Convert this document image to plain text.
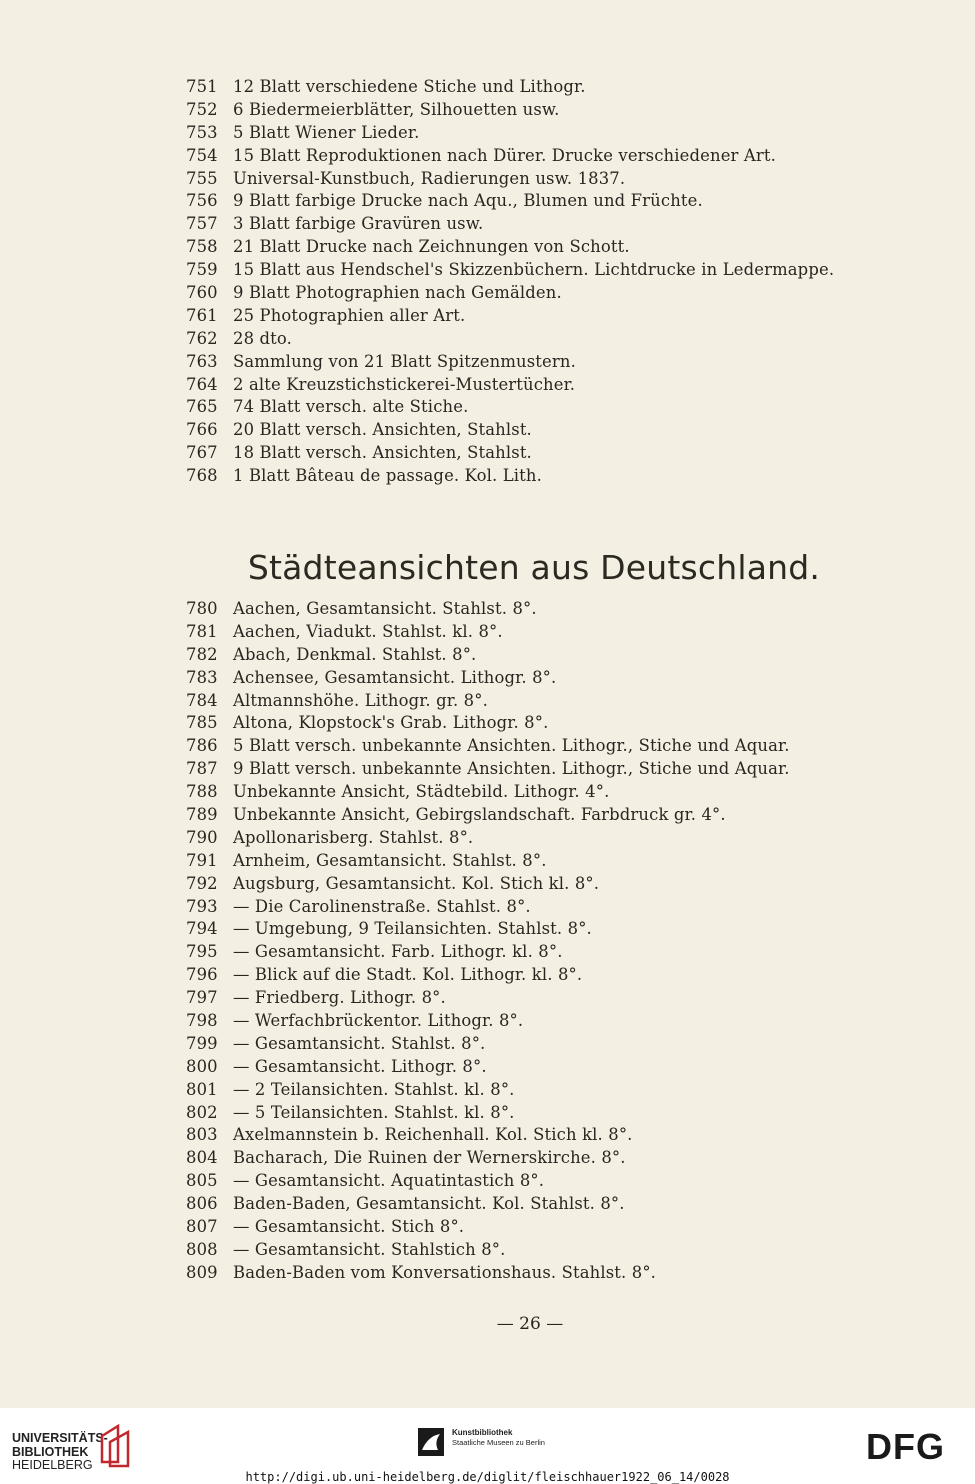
751 12 Blatt verschiedene Stiche und Lithogr.
752 6 Biedermeierblätter, Silhouetten usw.
753 5 Blatt Wiener Lieder.
754 15 Blatt Reproduktionen nach Dürer. Drucke verschiedener Art.
755 Universal-Kunstbuch, Radierungen usw. 1837.
756 9 Blatt farbige Drucke nach Aqu., Blumen und Früchte.
757 3 Blatt farbige Gravüren usw.
758 21 Blatt Drucke nach Zeichnungen von Schott.
759 15 Blatt aus Hendschel's Skizzenbüchern. Lichtdrucke in Ledermappe.
760 9 Blatt Photographien nach Gemälden.
761 25 Photographien aller Art.
762 28 dto.
763 Sammlung von 21 Blatt Spitzenmustern.
764 2 alte Kreuzstichstickerei-Mustertücher.
765 74 Blatt versch. alte Stiche.
766 20 Blatt versch. Ansichten, Stahlst.
767 18 Blatt versch. Ansichten, Stahlst.
768 1 Blatt Bâteau de passage. Kol. Lith.
Städteansichten aus Deutschland.
780 Aachen, Gesamtansicht. Stahlst. 8°.
781 Aachen, Viadukt. Stahlst. kl. 8°.
782 Abach, Denkmal. Stahlst. 8°.
783 Achensee, Gesamtansicht. Lithogr. 8°.
784 Altmannshöhe. Lithogr. gr. 8°.
785 Altona, Klopstock's Grab. Lithogr. 8°.
786 5 Blatt versch. unbekannte Ansichten. Lithogr., Stiche und Aquar.
787 9 Blatt versch. unbekannte Ansichten. Lithogr., Stiche und Aquar.
788 Unbekannte Ansicht, Städtebild. Lithogr. 4°.
789 Unbekannte Ansicht, Gebirgslandschaft. Farbdruck gr. 4°.
790 Apollonarisberg. Stahlst. 8°.
791 Arnheim, Gesamtansicht. Stahlst. 8°.
792 Augsburg, Gesamtansicht. Kol. Stich kl. 8°.
793 — Die Carolinenstraße. Stahlst. 8°.
794 — Umgebung, 9 Teilansichten. Stahlst. 8°.
795 — Gesamtansicht. Farb. Lithogr. kl. 8°.
796 — Blick auf die Stadt. Kol. Lithogr. kl. 8°.
797 — Friedberg. Lithogr. 8°.
798 — Werfachbrückentor. Lithogr. 8°.
799 — Gesamtansicht. Stahlst. 8°.
800 — Gesamtansicht. Lithogr. 8°.
801 — 2 Teilansichten. Stahlst. kl. 8°.
802 — 5 Teilansichten. Stahlst. kl. 8°.
803 Axelmannstein b. Reichenhall. Kol. Stich kl. 8°.
804 Bacharach, Die Ruinen der Wernerskirche. 8°.
805 — Gesamtansicht. Aquatintastich 8°.
806 Baden-Baden, Gesamtansicht. Kol. Stahlst. 8°.
807 — Gesamtansicht. Stich 8°.
808 — Gesamtansicht. Stahlstich 8°.
809 Baden-Baden vom Konversationshaus. Stahlst. 8°.
— 26 —
UNIVERSITÄTS-
BIBLIOTHEK
HEIDELBERG
Kunstbibliothek
Staatliche Museen zu Berlin	DFG
http://digi.ub.uni-heidelberg.de/diglit/fleischhauer1922_06_14/0028
